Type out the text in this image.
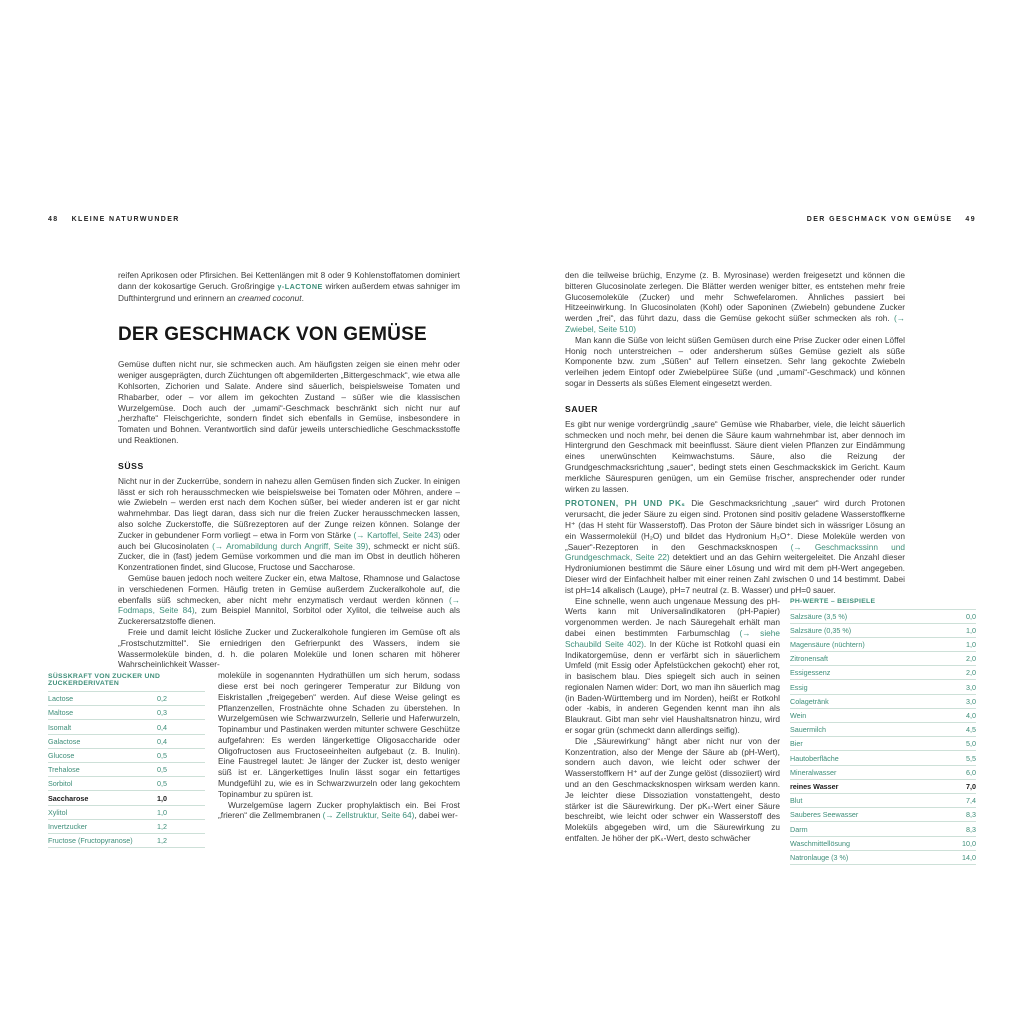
48 KLEINE NATURWUNDER	DER GESCHMACK VON GEMÜSE 49

reifen Aprikosen oder Pfirsichen. Bei Kettenlängen mit 8 oder 9 Kohlenstoffatomen dominiert dann der kokosartige Geruch. Großringige γ-LACTONE wirken außerdem etwas sahniger im Dufthintergrund und erinnern an creamed coconut.

DER GESCHMACK VON GEMÜSE

Gemüse duften nicht nur, sie schmecken auch. Am häufigsten zeigen sie einen mehr oder weniger ausgeprägten, durch Züchtungen oft abgemilderten „Bittergeschmack“, wie etwa alle Kohlsorten, Zichorien und Salate. Andere sind säuerlich, beispielsweise Tomaten und Rhabarber, oder – vor allem im gekochten Zustand – süßer wie die klassischen Wurzelgemüse. Doch auch der „umami“-Geschmack beschränkt sich nicht nur auf „herzhafte“ Fleischgerichte, sondern findet sich ebenfalls in Gemüse, insbesondere in Tomaten und Bohnen. Verantwortlich sind dafür jeweils unterschiedliche Geschmacksstoffe und Reaktionen.

SÜSS

Nicht nur in der Zuckerrübe, sondern in nahezu allen Gemüsen finden sich Zucker. In einigen lässt er sich roh herausschmecken wie beispielsweise bei Tomaten oder Möhren, andere – wie Zwiebeln – werden erst nach dem Kochen süßer, bei wieder anderen ist er gar nicht wahrnehmbar. Das liegt daran, dass sich nur die freien Zucker herausschmecken lassen, also solche Zuckerstoffe, die Süßrezeptoren auf der Zunge reizen können. Solange der Zucker in gebundener Form vorliegt – etwa in Form von Stärke (→ Kartoffel, Seite 243) oder auch bei Glucosinolaten (→ Aromabildung durch Angriff, Seite 39), schmeckt er nicht süß. Zucker, die in (fast) jedem Gemüse vorkommen und die man im Obst in deutlich höheren Konzentrationen findet, sind Glucose, Fructose und Saccharose.

Gemüse bauen jedoch noch weitere Zucker ein, etwa Maltose, Rhamnose und Galactose in verschiedenen Formen. Häufig treten in Gemüse außerdem Zuckeralkohole auf, die ebenfalls süß schmecken, aber nicht mehr enzymatisch verdaut werden können (→ Fodmaps, Seite 84), zum Beispiel Mannitol, Sorbitol oder Xylitol, die teilweise auch als Zuckerersatzstoffe dienen.

Freie und damit leicht lösliche Zucker und Zuckeralkohole fungieren im Gemüse oft als „Frostschutzmittel“. Sie erniedrigen den Gefrierpunkt des Wassers, indem sie Wassermoleküle binden, d. h. die polaren Moleküle und Ionen scharen mit höherer Wahrscheinlichkeit Wasser-

SÜSSKRAFT VON ZUCKER UND ZUCKERDERIVATEN
Lactose	0,2
Maltose	0,3
Isomalt	0,4
Galactose	0,4
Glucose	0,5
Trehalose	0,5
Sorbitol	0,5
Saccharose	1,0
Xylitol	1,0
Invertzucker	1,2
Fructose (Fructopyranose)	1,2

moleküle in sogenannten Hydrathüllen um sich herum, sodass diese erst bei noch geringerer Temperatur zur Bildung von Eiskristallen „freigegeben“ werden. Auf diese Weise gelingt es Pflanzenzellen, Frostnächte ohne Schaden zu überstehen. In Wurzelgemüsen wie Schwarzwurzeln, Sellerie und Haferwurzeln, Topinambur und Pastinaken werden mitunter schwere Geschütze aufgefahren: Es werden längerkettige Oligosaccharide oder Oligofructosen aus Fructoseeinheiten aufgebaut (z. B. Inulin). Eine Faustregel lautet: Je länger der Zucker ist, desto weniger süß ist er. Längerkettiges Inulin lässt sogar ein fettartiges Mundgefühl zu, wie es in Schwarzwurzeln oder lang gekochtem Topinambur zu spüren ist.

Wurzelgemüse lagern Zucker prophylaktisch ein. Bei Frost „frieren“ die Zellmembranen (→ Zellstruktur, Seite 64), dabei wer-

den die teilweise brüchig, Enzyme (z. B. Myrosinase) werden freigesetzt und können die bitteren Glucosinolate zerlegen. Die Blätter werden weniger bitter, es entstehen mehr freie Glucosemoleküle (Zucker) und mehr Schwefelaromen. Ähnliches passiert bei Hitzeeinwirkung. In Glucosinolaten (Kohl) oder Saponinen (Zwiebeln) gebundene Zucker werden „frei“, das führt dazu, dass die Gemüse gekocht süßer schmecken als roh. (→ Zwiebel, Seite 510)

Man kann die Süße von leicht süßen Gemüsen durch eine Prise Zucker oder einen Löffel Honig noch unterstreichen – oder andersherum süßes Gemüse gezielt als süße Komponente bzw. zum „Süßen“ auf Tellern einsetzen. Sehr lang gekochte Zwiebeln verleihen jedem Eintopf oder Zwiebelpüree Süße (und „umami“-Geschmack) und können sogar in Desserts als süßes Element eingesetzt werden.

SAUER

Es gibt nur wenige vordergründig „saure“ Gemüse wie Rhabarber, viele, die leicht säuerlich schmecken und noch mehr, bei denen die Säure kaum wahrnehmbar ist, aber dennoch im Hintergrund den Geschmack mit beeinflusst. Säure dient vielen Pflanzen zur Eindämmung eines unerwünschten Keimwachstums. Säure, also die Reizung der Grundgeschmacksrichtung „sauer“, bedingt stets einen Geschmackskick im Gericht. Kaum merkliche Säurespuren genügen, um ein Gemüse frischer, ansprechender oder runder wirken zu lassen.

PROTONEN, PH UND PKₛ Die Geschmacksrichtung „sauer“ wird durch Protonen verursacht, die jeder Säure zu eigen sind. Protonen sind positiv geladene Wasserstoffkerne H⁺ (das H steht für Wasserstoff). Das Proton der Säure bindet sich in wässriger Lösung an ein Wassermolekül (H₂O) und bildet das Hydronium H₃O⁺. Diese Moleküle werden von „Sauer“-Rezeptoren in den Geschmacksknospen (→ Geschmackssinn und Grundgeschmack, Seite 22) detektiert und an das Gehirn weitergeleitet. Die Anzahl dieser Hydroniumionen bestimmt die Säure einer Lösung und wird mit dem pH-Wert angegeben. Dieser wird der Einfachheit halber mit einer reinen Zahl zwischen 0 und 14 bestimmt. Dabei ist pH=14 alkalisch (Lauge), pH=7 neutral (z. B. Wasser) und pH=0 sauer.

PH-WERTE – BEISPIELE
Salzsäure (3,5 %)	0,0
Salzsäure (0,35 %)	1,0
Magensäure (nüchtern)	1,0
Zitronensaft	2,0
Essigessenz	2,0
Essig	3,0
Colagetränk	3,0
Wein	4,0
Sauermilch	4,5
Bier	5,0
Hautoberfläche	5,5
Mineralwasser	6,0
reines Wasser	7,0
Blut	7,4
Sauberes Seewasser	8,3
Darm	8,3
Waschmittellösung	10,0
Natronlauge (3 %)	14,0

Eine schnelle, wenn auch ungenaue Messung des pH-Werts kann mit Universalindikatoren (pH-Papier) vorgenommen werden. Je nach Säuregehalt erhält man dabei einen bestimmten Farbumschlag (→ siehe Schaubild Seite 402). In der Küche ist Rotkohl quasi ein Indikatorgemüse, denn er verfärbt sich in säuerlichem Umfeld (mit Essig oder Äpfelstückchen gekocht) eher rot, in basischem blau. Dies spiegelt sich auch in seinen regionalen Namen wider: Dort, wo man ihn säuerlich mag (in Baden-Württemberg und im Norden), heißt er Rotkohl oder -kabis, in anderen Gegenden kennt man ihn als Blaukraut. Gibt man sehr viel Haushaltsnatron hinzu, wird er sogar grün (schmeckt dann allerdings seifig).

Die „Säurewirkung“ hängt aber nicht nur von der Konzentration, also der Menge der Säure ab (pH-Wert), sondern auch davon, wie leicht oder schwer der Wasserstoffkern H⁺ auf der Zunge gelöst (dissoziiert) wird und an den Geschmacksknospen wirksam werden kann. Je leichter diese Dissoziation vonstattengeht, desto stärker ist die Säurewirkung. Der pKₛ-Wert einer Säure beschreibt, wie leicht oder schwer ein Wasserstoff des Moleküls abgegeben wird, um die Säurewirkung zu entfalten. Je höher der pKₛ-Wert, desto schwächer
